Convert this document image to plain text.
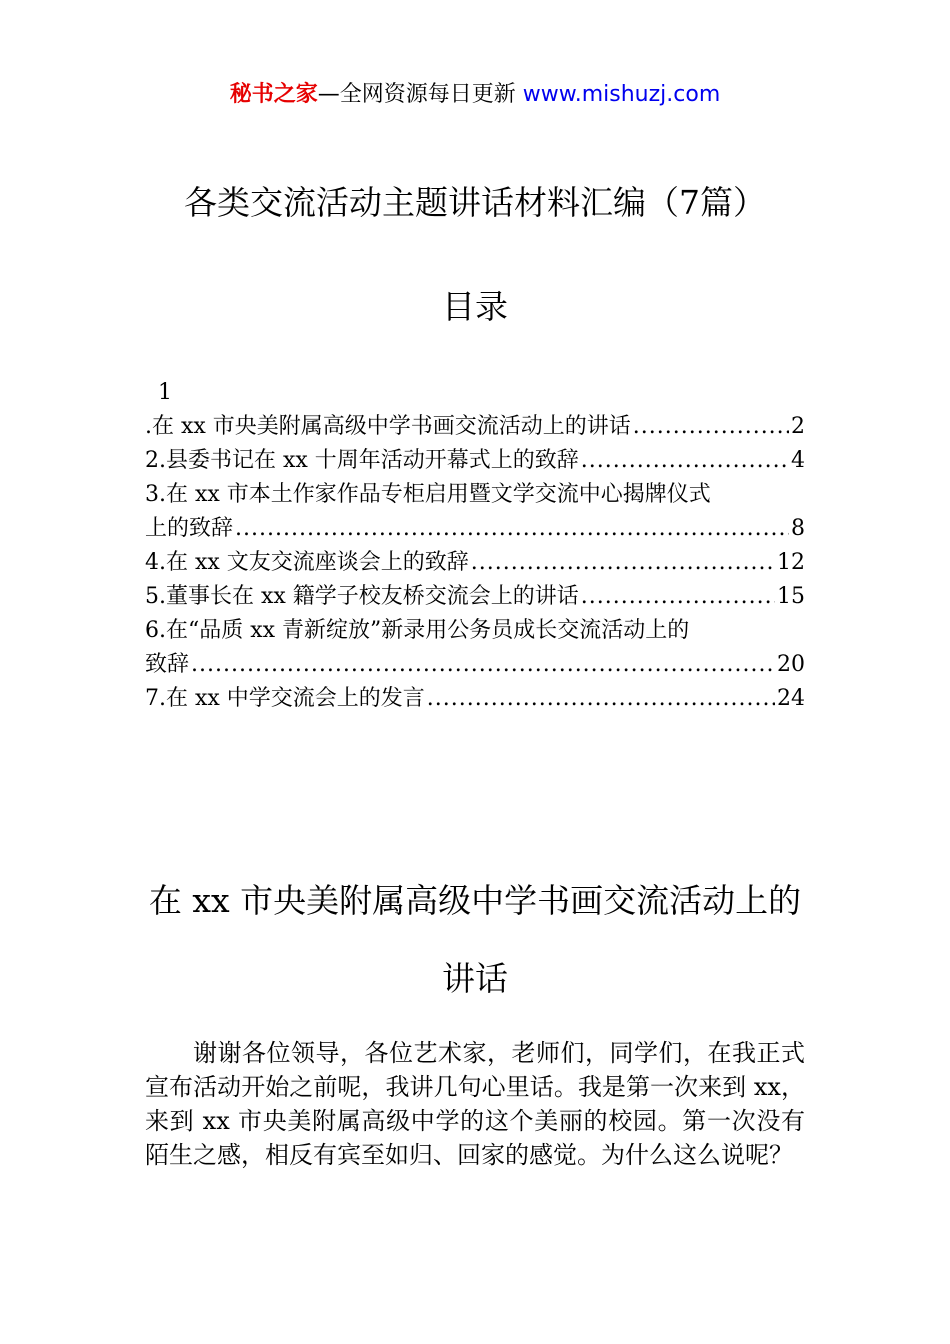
秘书之家—全网资源每日更新 www.mishuzj.com
各类交流活动主题讲话材料汇编（7篇）
目录
1
.在 xx 市央美附属高级中学书画交流活动上的讲话 .....	2
2.县委书记在 xx 十周年活动开幕式上的致辞 .....	4
3.在 xx 市本土作家作品专柜启用暨文学交流中心揭牌仪式
上的致辞 .....	8
4.在 xx 文友交流座谈会上的致辞 .....	12
5.董事长在 xx 籍学子校友桥交流会上的讲话 .....	15
6.在“品质 xx 青新绽放”新录用公务员成长交流活动上的
致辞 .....	20
7.在 xx 中学交流会上的发言 .....	24
在 xx 市央美附属高级中学书画交流活动上的讲话

谢谢各位领导，各位艺术家，老师们，同学们，在我正式宣布活动开始之前呢，我讲几句心里话。我是第一次来到 xx，来到 xx 市央美附属高级中学的这个美丽的校园。第一次没有陌生之感，相反有宾至如归、回家的感觉。为什么这么说呢？
